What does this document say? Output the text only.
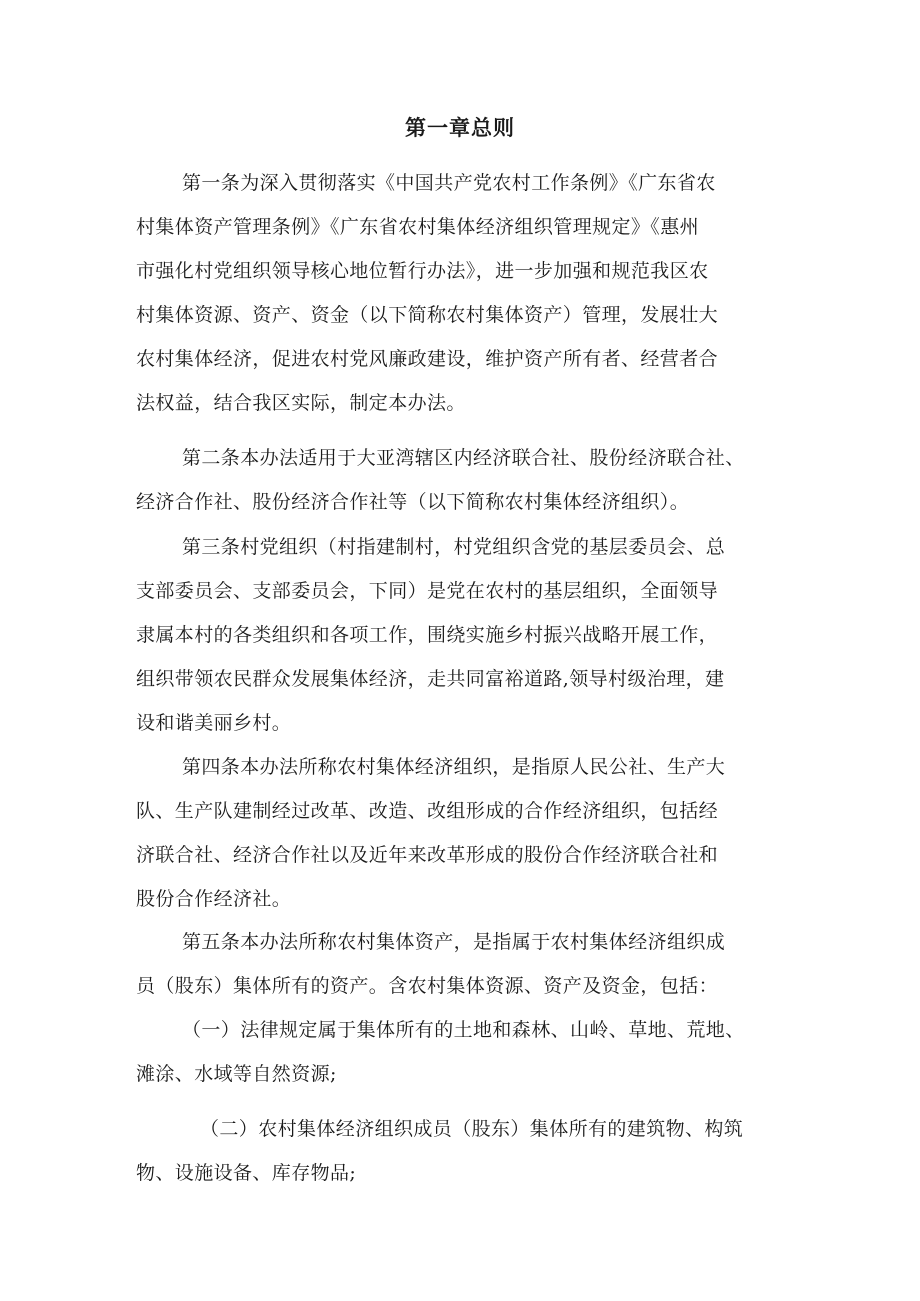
第一章总则
第一条为深入贯彻落实《中国共产党农村工作条例》《广东省农
村集体资产管理条例》《广东省农村集体经济组织管理规定》《惠州
市强化村党组织领导核心地位暂行办法》，进一步加强和规范我区农
村集体资源、资产、资金（以下简称农村集体资产）管理，发展壮大
农村集体经济，促进农村党风廉政建设，维护资产所有者、经营者合
法权益，结合我区实际，制定本办法。
第二条本办法适用于大亚湾辖区内经济联合社、股份经济联合社、
经济合作社、股份经济合作社等（以下简称农村集体经济组织）。
第三条村党组织（村指建制村，村党组织含党的基层委员会、总
支部委员会、支部委员会，下同）是党在农村的基层组织，全面领导
隶属本村的各类组织和各项工作，围绕实施乡村振兴战略开展工作，
组织带领农民群众发展集体经济，走共同富裕道路,领导村级治理，建
设和谐美丽乡村。
第四条本办法所称农村集体经济组织，是指原人民公社、生产大
队、生产队建制经过改革、改造、改组形成的合作经济组织，包括经
济联合社、经济合作社以及近年来改革形成的股份合作经济联合社和
股份合作经济社。
第五条本办法所称农村集体资产，是指属于农村集体经济组织成
员（股东）集体所有的资产。含农村集体资源、资产及资金，包括：
（一）法律规定属于集体所有的土地和森林、山岭、草地、荒地、
滩涂、水域等自然资源;
（二）农村集体经济组织成员（股东）集体所有的建筑物、构筑
物、设施设备、库存物品;
